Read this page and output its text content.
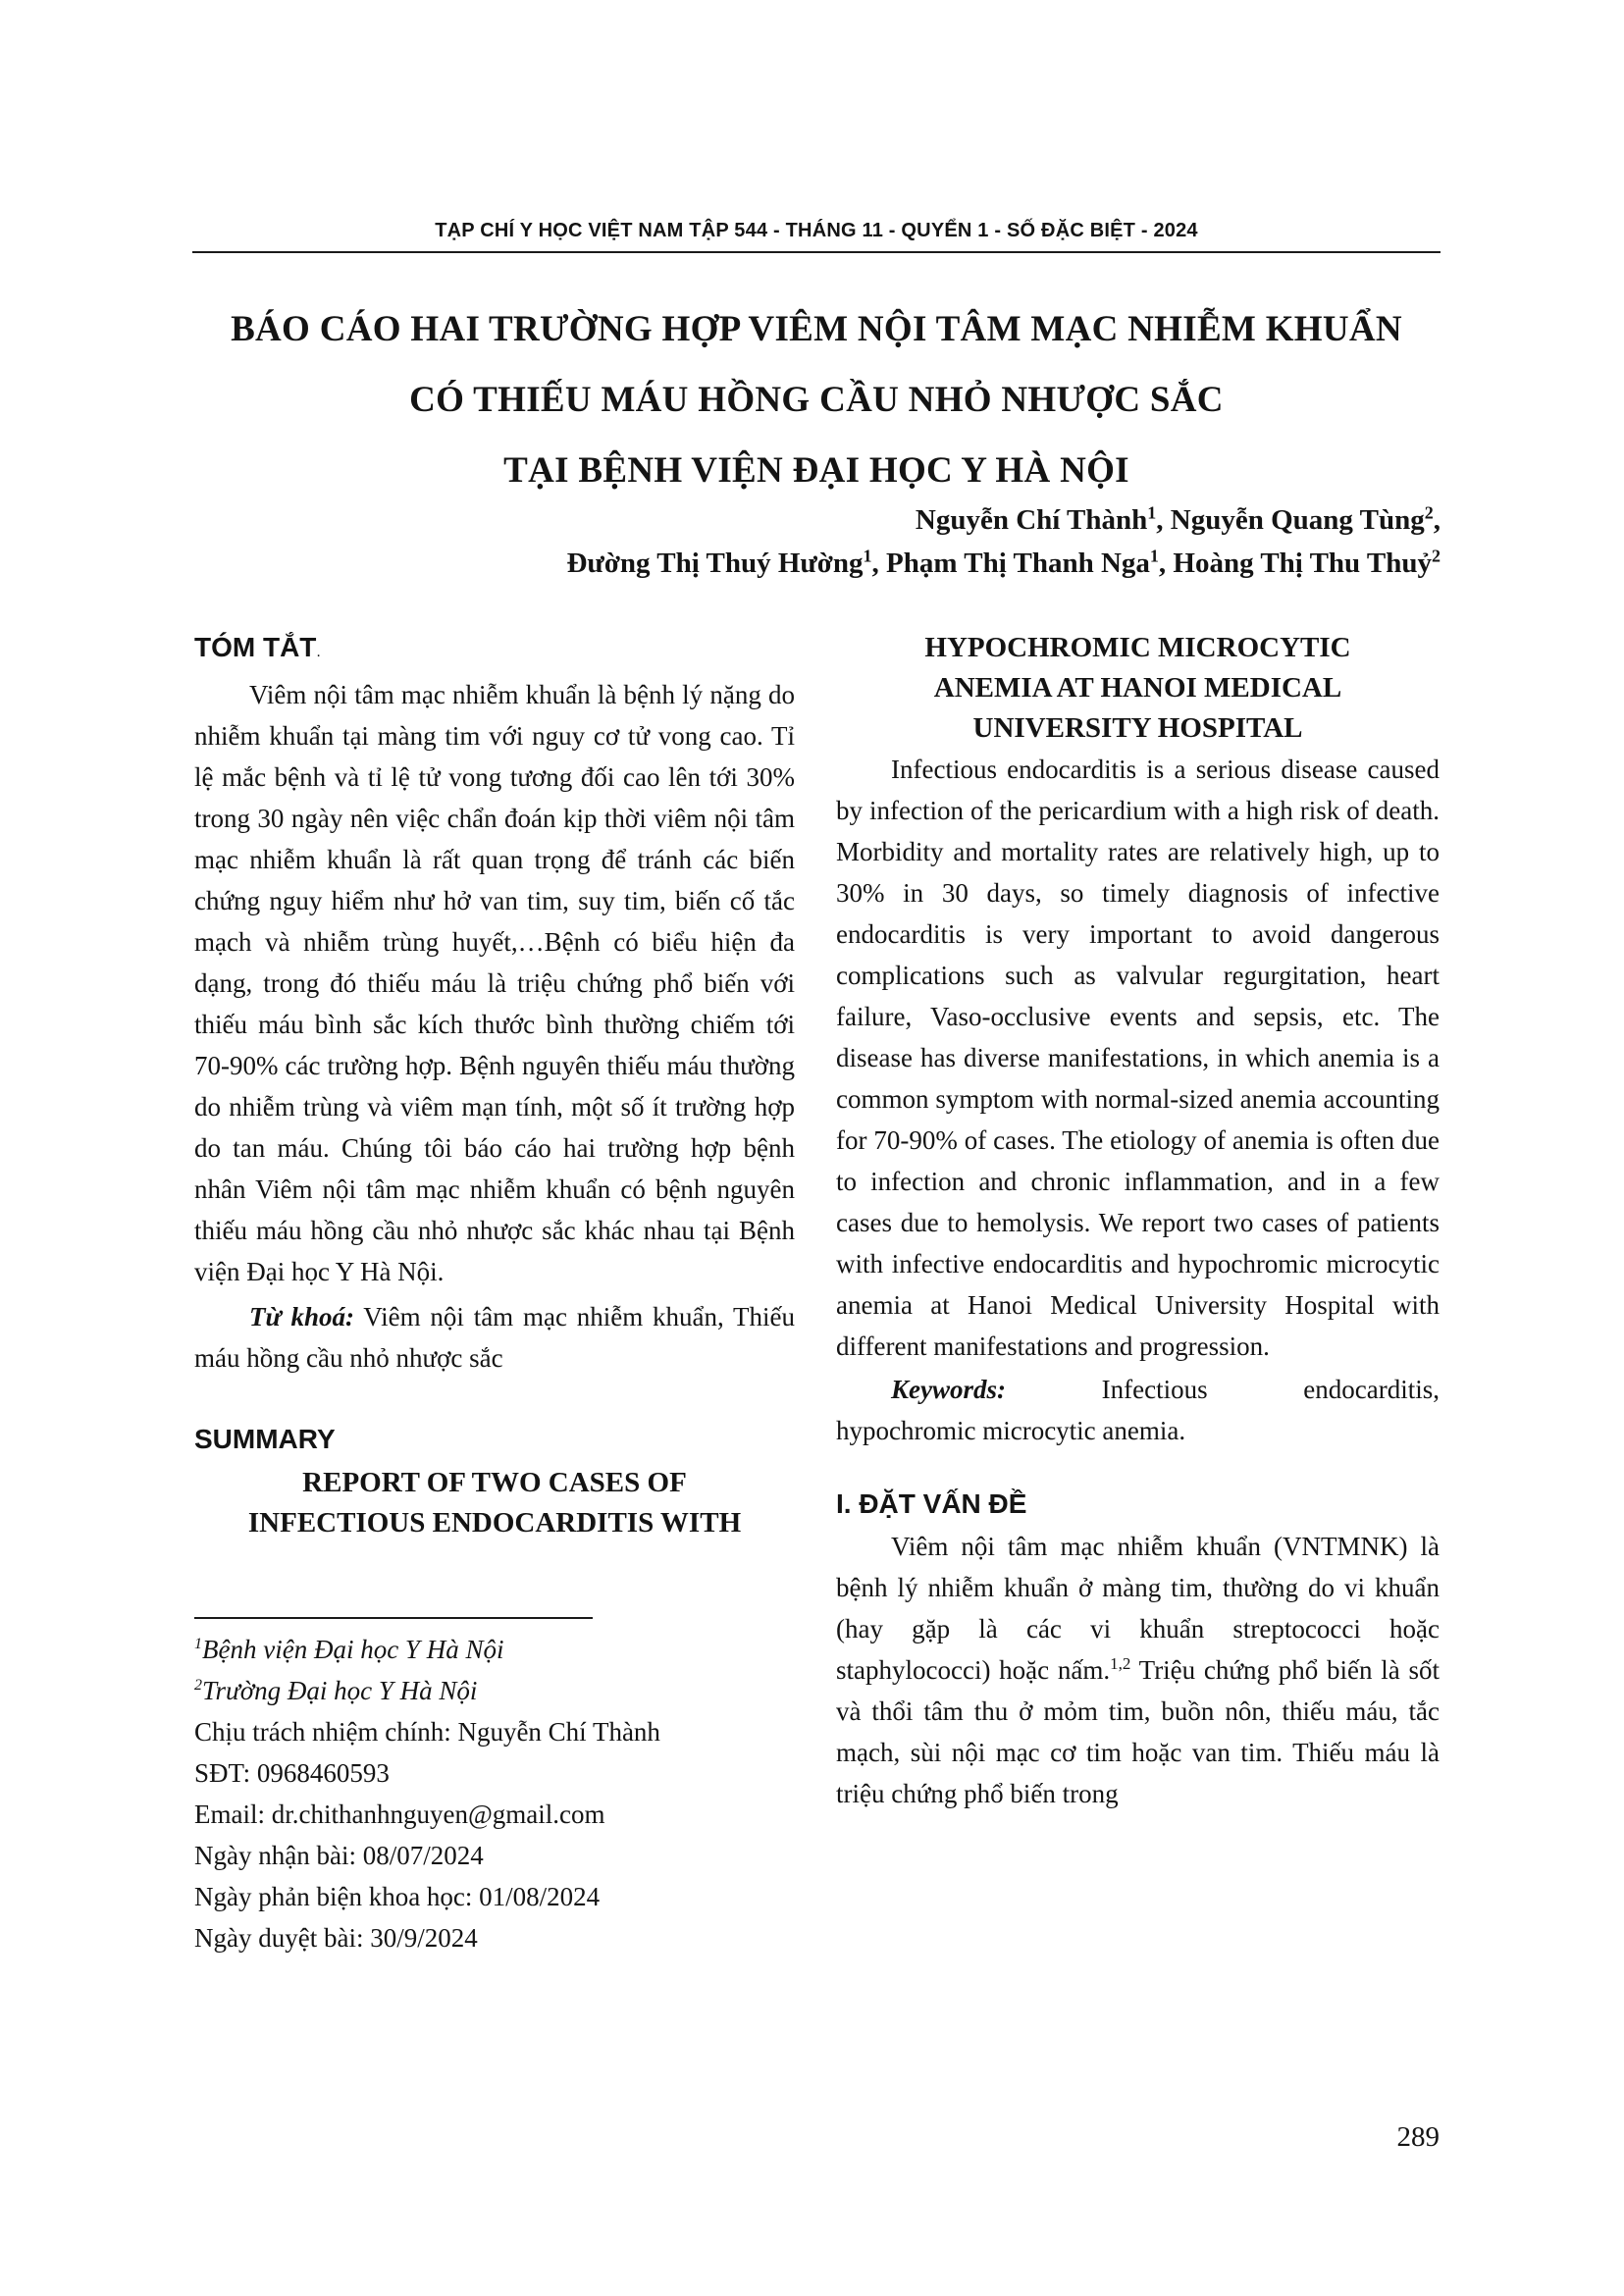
TẠP CHÍ Y HỌC VIỆT NAM TẬP 544 - THÁNG 11 - QUYỂN 1 - SỐ ĐẶC BIỆT - 2024
BÁO CÁO HAI TRƯỜNG HỢP VIÊM NỘI TÂM MẠC NHIỄM KHUẨN
CÓ THIẾU MÁU HỒNG CẦU NHỎ NHƯỢC SẮC
TẠI BỆNH VIỆN ĐẠI HỌC Y HÀ NỘI
Nguyễn Chí Thành$^1$, Nguyễn Quang Tùng$^2$,
Đường Thị Thuý Hường$^1$, Phạm Thị Thanh Nga$^1$, Hoàng Thị Thu Thuỷ$^2$

TÓM TẮT.

Viêm nội tâm mạc nhiễm khuẩn là bệnh lý nặng do nhiễm khuẩn tại màng tim với nguy cơ tử vong cao. Tỉ lệ mắc bệnh và tỉ lệ tử vong tương đối cao lên tới 30% trong 30 ngày nên việc chẩn đoán kịp thời viêm nội tâm mạc nhiễm khuẩn là rất quan trọng để tránh các biến chứng nguy hiểm như hở van tim, suy tim, biến cố tắc mạch và nhiễm trùng huyết,…Bệnh có biểu hiện đa dạng, trong đó thiếu máu là triệu chứng phổ biến với thiếu máu bình sắc kích thước bình thường chiếm tới 70-90% các trường hợp. Bệnh nguyên thiếu máu thường do nhiễm trùng và viêm mạn tính, một số ít trường hợp do tan máu. Chúng tôi báo cáo hai trường hợp bệnh nhân Viêm nội tâm mạc nhiễm khuẩn có bệnh nguyên thiếu máu hồng cầu nhỏ nhược sắc khác nhau tại Bệnh viện Đại học Y Hà Nội.

Từ khoá: Viêm nội tâm mạc nhiễm khuẩn, Thiếu máu hồng cầu nhỏ nhược sắc

SUMMARY

REPORT OF TWO CASES OF
INFECTIOUS ENDOCARDITIS WITH
$^1$Bệnh viện Đại học Y Hà Nội
$^2$Trường Đại học Y Hà Nội
Chịu trách nhiệm chính: Nguyễn Chí Thành
SĐT: 0968460593
Email: dr.chithanhnguyen@gmail.com
Ngày nhận bài: 08/07/2024
Ngày phản biện khoa học: 01/08/2024
Ngày duyệt bài: 30/9/2024
HYPOCHROMIC MICROCYTIC
ANEMIA AT HANOI MEDICAL
UNIVERSITY HOSPITAL

Infectious endocarditis is a serious disease caused by infection of the pericardium with a high risk of death. Morbidity and mortality rates are relatively high, up to 30% in 30 days, so timely diagnosis of infective endocarditis is very important to avoid dangerous complications such as valvular regurgitation, heart failure, Vaso-occlusive events and sepsis, etc. The disease has diverse manifestations, in which anemia is a common symptom with normal-sized anemia accounting for 70-90% of cases. The etiology of anemia is often due to infection and chronic inflammation, and in a few cases due to hemolysis. We report two cases of patients with infective endocarditis and hypochromic microcytic anemia at Hanoi Medical University Hospital with different manifestations and progression.

Keywords: Infectious endocarditis,

hypochromic microcytic anemia.

I. ĐẶT VẤN ĐỀ

Viêm nội tâm mạc nhiễm khuẩn (VNTMNK) là bệnh lý nhiễm khuẩn ở màng tim, thường do vi khuẩn (hay gặp là các vi khuẩn streptococci hoặc staphylococci) hoặc nấm.$^{1,2}$ Triệu chứng phổ biến là sốt và thổi tâm thu ở mỏm tim, buồn nôn, thiếu máu, tắc mạch, sùi nội mạc cơ tim hoặc van tim. Thiếu máu là triệu chứng phổ biến trong

289
